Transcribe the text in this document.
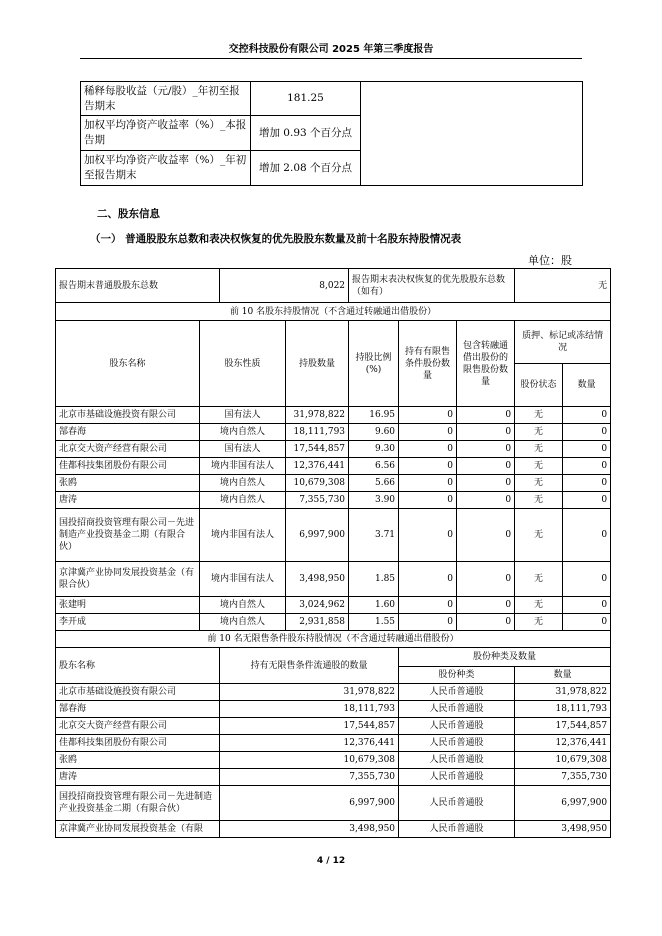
交控科技股份有限公司 2025 年第三季度报告
稀释每股收益（元/股）_年初至报告期末	181.25	
加权平均净资产收益率（%）_本报告期	增加 0.93 个百分点	
加权平均净资产收益率（%）_年初至报告期末	增加 2.08 个百分点	
二、股东信息
（一） 普通股股东总数和表决权恢复的优先股股东数量及前十名股东持股情况表
单位：股
报告期末普通股股东总数		8,022		报告期末表决权恢复的优先股股东总数（如有）			无	
前 10 名股东持股情况（不含通过转融通出借股份）								
股东名称	股东性质		持股数量	持股比例(%)	持有有限售条件股份数量	包含转融通借出股份的限售股份数量	质押、标记或冻结情况	
							股份状态	数量
北京市基础设施投资有限公司	国有法人		31,978,822	16.95	0	0	无	0
郜春海	境内自然人		18,111,793	9.60	0	0	无	0
北京交大资产经营有限公司	国有法人		17,544,857	9.30	0	0	无	0
佳都科技集团股份有限公司	境内非国有法人		12,376,441	6.56	0	0	无	0
张鸥	境内自然人		10,679,308	5.66	0	0	无	0
唐涛	境内自然人		7,355,730	3.90	0	0	无	0
国投招商投资管理有限公司－先进制造产业投资基金二期（有限合伙）	境内非国有法人		6,997,900	3.71	0	0	无	0
京津冀产业协同发展投资基金（有限合伙）	境内非国有法人		3,498,950	1.85	0	0	无	0
张建明	境内自然人		3,024,962	1.60	0	0	无	0
李开成	境内自然人		2,931,858	1.55	0	0	无	0
前 10 名无限售条件股东持股情况（不含通过转融通出借股份）								
股东名称		持有无限售条件流通股的数量			股份种类及数量			
					股份种类		数量	
北京市基础设施投资有限公司		31,978,822			人民币普通股		31,978,822	
郜春海		18,111,793			人民币普通股		18,111,793	
北京交大资产经营有限公司		17,544,857			人民币普通股		17,544,857	
佳都科技集团股份有限公司		12,376,441			人民币普通股		12,376,441	
张鸥		10,679,308			人民币普通股		10,679,308	
唐涛		7,355,730			人民币普通股		7,355,730	
国投招商投资管理有限公司－先进制造产业投资基金二期（有限合伙）		6,997,900			人民币普通股		6,997,900	
京津冀产业协同发展投资基金（有限		3,498,950			人民币普通股		3,498,950	
4 / 12
